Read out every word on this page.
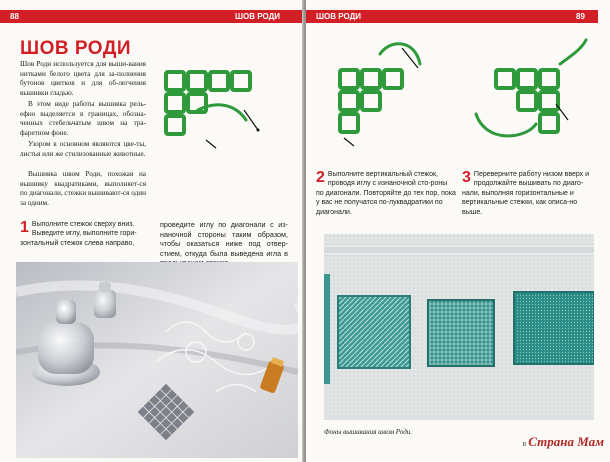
88	ШОВ РОДИ
ШОВ РОДИ

Шов Роди используется для выши-вания нитками белого цвета для за-полнения бутонов цветков и для об-легчения вышивки гладью.

В этом виде работы вышивка рель-ефно выделяется в границах, обозна-ченных стебельчатым швом на тра-фаретном фоне.

Узором в основном являются цве-ты, листья или же стилизованные животные.

Вышивка швом Роди, похожая на вышивку квадратиками, выполняет-ся по диагонали, стежки вышивают-ся один за одним.

1 Выполните стежок сверху вниз. Выведите иглу, выполните гори-зонтальный стежок слева направо,

проведите иглу по диагонали с из-наночной стороны таким образом, чтобы оказаться ниже под отвер-стием, откуда была выведена игла в

ШОВ РОДИ	89
2 Выполните вертикальный стежок, проводя иглу с изнаночной сто-роны по диагонали. Повторяйте до тех пор, пока у вас не получатся по-луквадратики по диагонали.
3 Переверните работу низом вверх и продолжайте вышивать по диаго-нали, выполняя горизонтальные и вертикальные стежки, как описа-но выше.
Фоны вышивания швом Роди.
в Страна Мам
